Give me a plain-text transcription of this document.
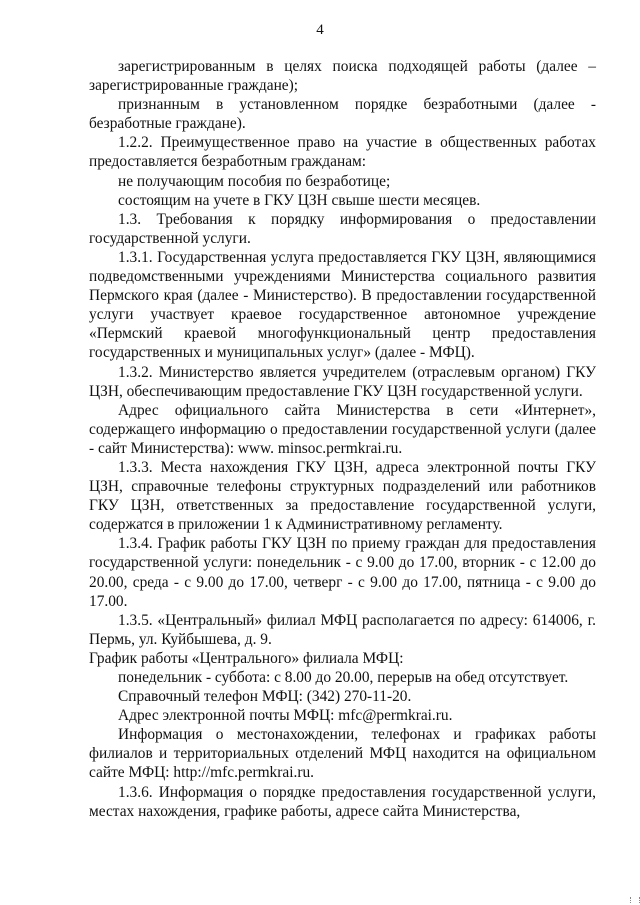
4

зарегистрированным в целях поиска подходящей работы (далее – зарегистрированные граждане);

признанным в установленном порядке безработными (далее - безработные граждане).

1.2.2. Преимущественное право на участие в общественных работах предоставляется безработным гражданам:

не получающим пособия по безработице;

состоящим на учете в ГКУ ЦЗН свыше шести месяцев.

1.3. Требования к порядку информирования о предоставлении государственной услуги.

1.3.1. Государственная услуга предоставляется ГКУ ЦЗН, являющимися подведомственными учреждениями Министерства социального развития Пермского края (далее - Министерство). В предоставлении государственной услуги участвует краевое государственное автономное учреждение «Пермский краевой многофункциональный центр предоставления государственных и муниципальных услуг» (далее - МФЦ).

1.3.2. Министерство является учредителем (отраслевым органом) ГКУ ЦЗН, обеспечивающим предоставление ГКУ ЦЗН государственной услуги.

Адрес официального сайта Министерства в сети «Интернет», содержащего информацию о предоставлении государственной услуги (далее - сайт Министерства): www. minsoc.permkrai.ru.

1.3.3. Места нахождения ГКУ ЦЗН, адреса электронной почты ГКУ ЦЗН, справочные телефоны структурных подразделений или работников ГКУ ЦЗН, ответственных за предоставление государственной услуги, содержатся в приложении 1 к Административному регламенту.

1.3.4. График работы ГКУ ЦЗН по приему граждан для предоставления государственной услуги: понедельник - с 9.00 до 17.00, вторник - с 12.00 до 20.00, среда - с 9.00 до 17.00, четверг - с 9.00 до 17.00, пятница - с 9.00 до 17.00.

1.3.5. «Центральный» филиал МФЦ располагается по адресу: 614006, г. Пермь, ул. Куйбышева, д. 9.

График работы «Центрального» филиала МФЦ:

понедельник - суббота: с 8.00 до 20.00, перерыв на обед отсутствует.

Справочный телефон МФЦ: (342) 270-11-20.

Адрес электронной почты МФЦ: mfc@permkrai.ru.

Информация о местонахождении, телефонах и графиках работы филиалов и территориальных отделений МФЦ находится на официальном сайте МФЦ: http://mfc.permkrai.ru.

1.3.6. Информация о порядке предоставления государственной услуги, местах нахождения, графике работы, адресе сайта Министерства,
